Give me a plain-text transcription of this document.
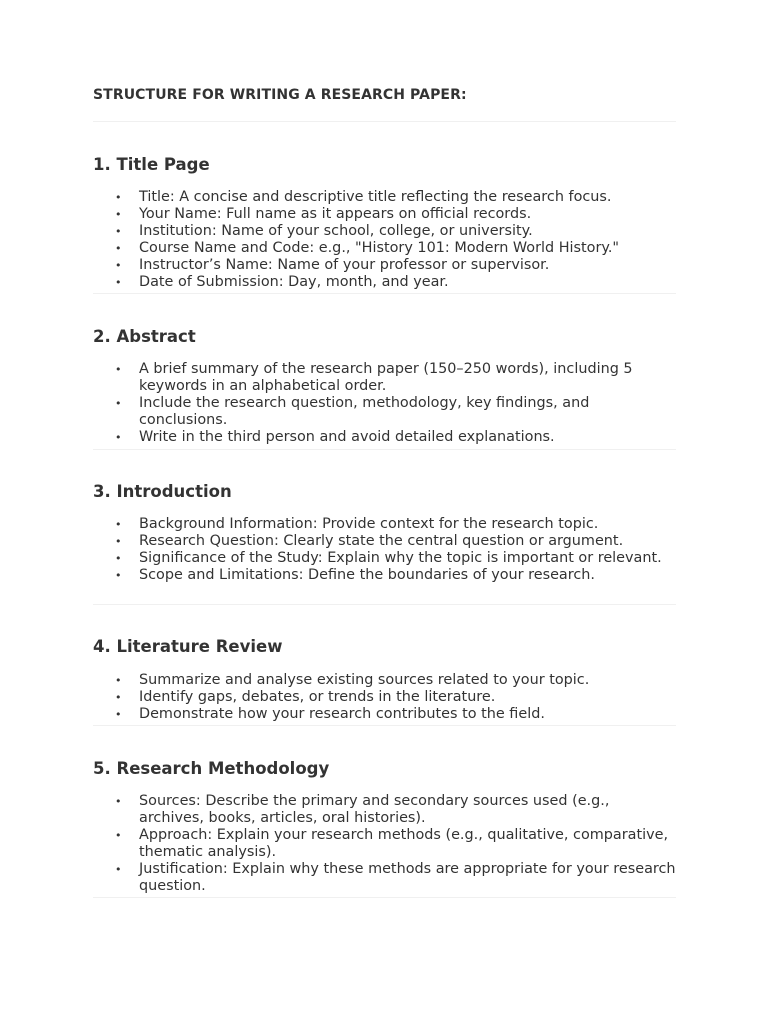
STRUCTURE FOR WRITING A RESEARCH PAPER:
1. Title Page
• Title: A concise and descriptive title reflecting the research focus.
• Your Name: Full name as it appears on official records.
• Institution: Name of your school, college, or university.
• Course Name and Code: e.g., "History 101: Modern World History."
• Instructor’s Name: Name of your professor or supervisor.
• Date of Submission: Day, month, and year.
2. Abstract
• A brief summary of the research paper (150–250 words), including 5 keywords in an alphabetical order.
• Include the research question, methodology, key findings, and conclusions.
• Write in the third person and avoid detailed explanations.
3. Introduction
• Background Information: Provide context for the research topic.
• Research Question: Clearly state the central question or argument.
• Significance of the Study: Explain why the topic is important or relevant.
• Scope and Limitations: Define the boundaries of your research.
4. Literature Review
• Summarize and analyse existing sources related to your topic.
• Identify gaps, debates, or trends in the literature.
• Demonstrate how your research contributes to the field.
5. Research Methodology
• Sources: Describe the primary and secondary sources used (e.g., archives, books, articles, oral histories).
• Approach: Explain your research methods (e.g., qualitative, comparative, thematic analysis).
• Justification: Explain why these methods are appropriate for your research question.
